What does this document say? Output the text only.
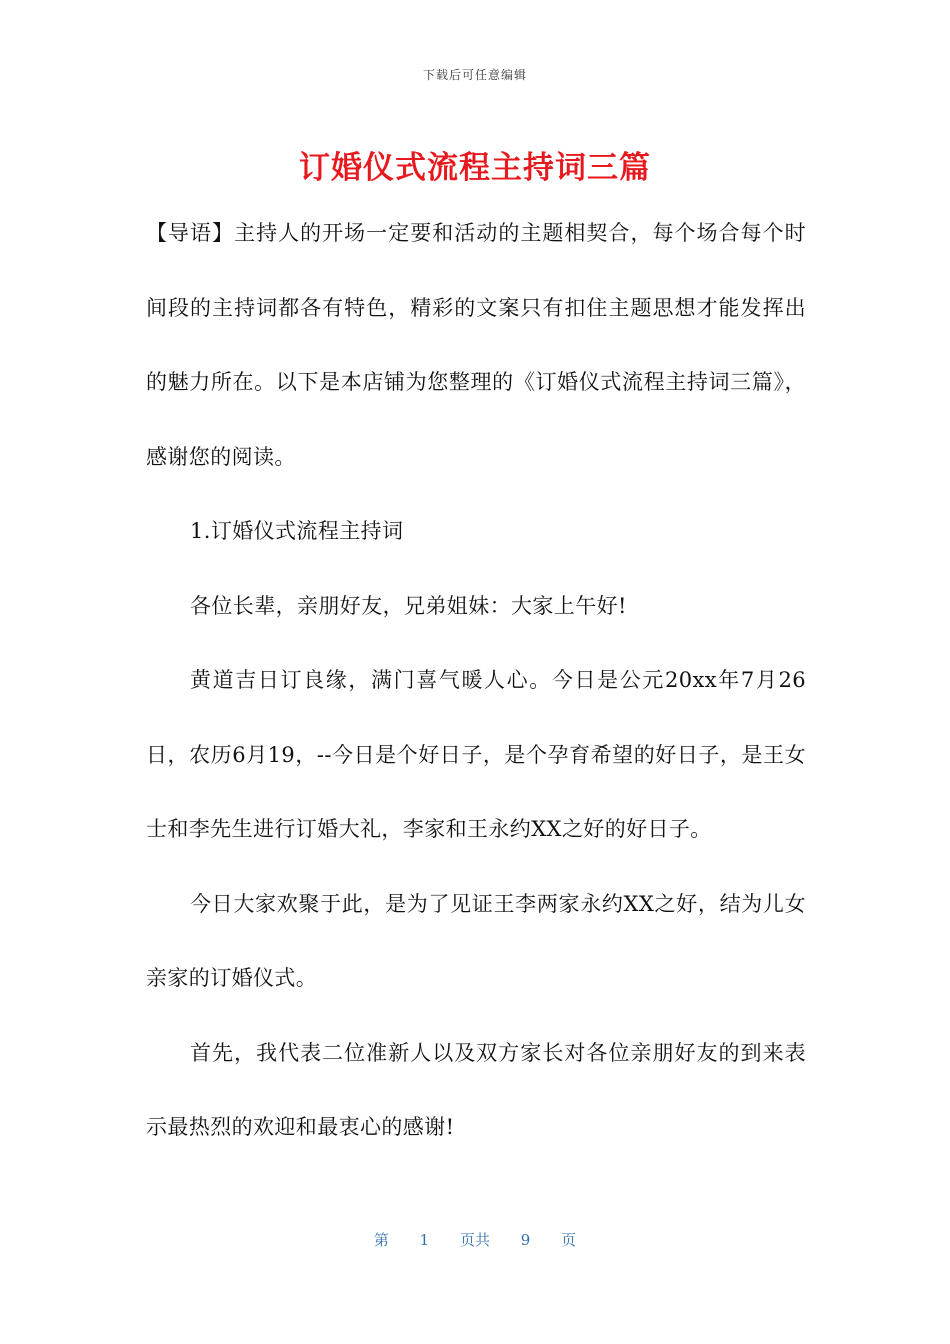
下载后可任意编辑
订婚仪式流程主持词三篇

【导语】主持人的开场一定要和活动的主题相契合，每个场合每个时间段的主持词都各有特色，精彩的文案只有扣住主题思想才能发挥出的魅力所在。以下是本店铺为您整理的《订婚仪式流程主持词三篇》，感谢您的阅读。

1.订婚仪式流程主持词

各位长辈，亲朋好友，兄弟姐妹：大家上午好!

黄道吉日订良缘，满门喜气暖人心。今日是公元20xx年7月26日，农历6月19，--今日是个好日子，是个孕育希望的好日子，是王女士和李先生进行订婚大礼，李家和王永约XX之好的好日子。

今日大家欢聚于此，是为了见证王李两家永约XX之好，结为儿女亲家的订婚仪式。

首先，我代表二位准新人以及双方家长对各位亲朋好友的到来表示最热烈的欢迎和最衷心的感谢!

第 1 页共 9 页
